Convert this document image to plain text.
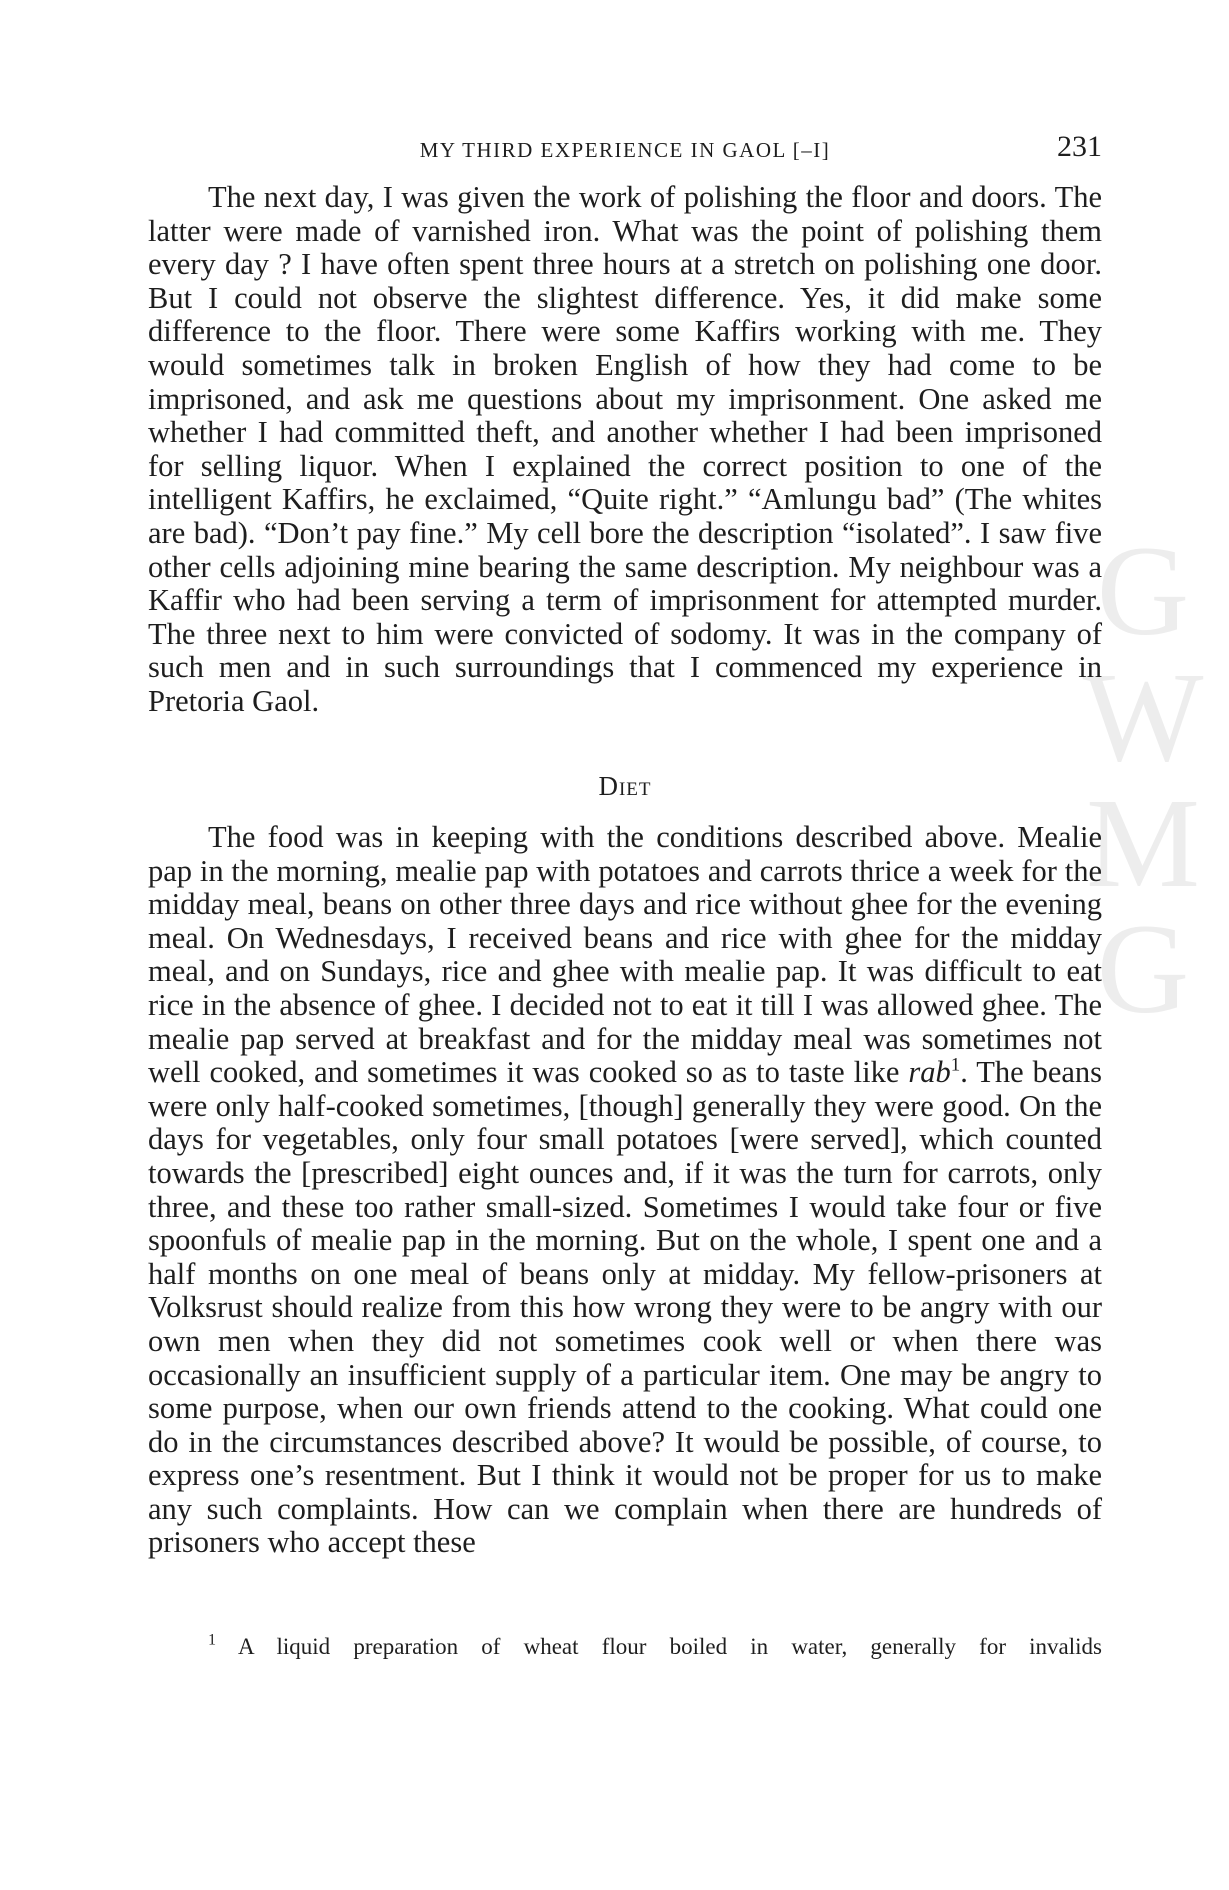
MY THIRD EXPERIENCE IN GAOL [–I]	231
GWMG

The next day, I was given the work of polishing the floor and doors. The latter were made of varnished iron. What was the point of polishing them every day ? I have often spent three hours at a stretch on polishing one door. But I could not observe the slightest difference. Yes, it did make some difference to the floor. There were some Kaffirs working with me. They would sometimes talk in broken English of how they had come to be imprisoned, and ask me questions about my imprisonment. One asked me whether I had committed theft, and another whether I had been imprisoned for selling liquor. When I explained the correct position to one of the intelligent Kaffirs, he exclaimed, “Quite right.” “Amlungu bad” (The whites are bad). “Don’t pay fine.” My cell bore the description “isolated”. I saw five other cells adjoining mine bearing the same description. My neighbour was a Kaffir who had been serving a term of imprisonment for attempted murder. The three next to him were convicted of sodomy. It was in the company of such men and in such surroundings that I commenced my experience in Pretoria Gaol.

Diet

The food was in keeping with the conditions described above. Mealie pap in the morning, mealie pap with potatoes and carrots thrice a week for the midday meal, beans on other three days and rice without ghee for the evening meal. On Wednesdays, I received beans and rice with ghee for the midday meal, and on Sundays, rice and ghee with mealie pap. It was difficult to eat rice in the absence of ghee. I decided not to eat it till I was allowed ghee. The mealie pap served at breakfast and for the midday meal was sometimes not well cooked, and sometimes it was cooked so as to taste like rab$^1$. The beans were only half-cooked sometimes, [though] generally they were good. On the days for vegetables, only four small potatoes [were served], which counted towards the [prescribed] eight ounces and, if it was the turn for carrots, only three, and these too rather small-sized. Sometimes I would take four or five spoonfuls of mealie pap in the morning. But on the whole, I spent one and a half months on one meal of beans only at midday. My fellow-prisoners at Volksrust should realize from this how wrong they were to be angry with our own men when they did not sometimes cook well or when there was occasionally an insufficient supply of a particular item. One may be angry to some purpose, when our own friends attend to the cooking. What could one do in the circumstances described above? It would be possible, of course, to express one’s resentment. But I think it would not be proper for us to make any such complaints. How can we complain when there are hundreds of prisoners who accept these

$^1$ A liquid preparation of wheat flour boiled in water, generally for invalids
